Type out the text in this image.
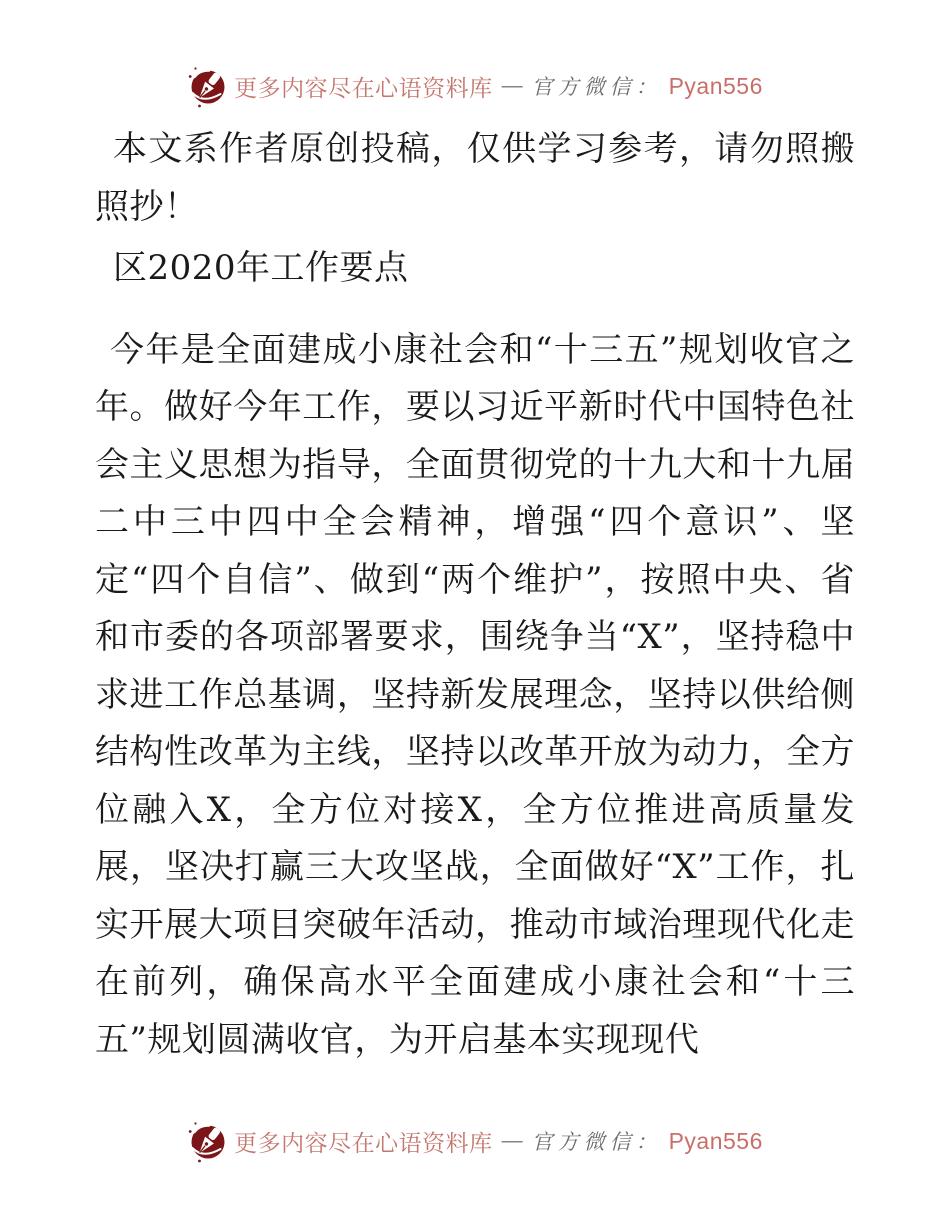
更多内容尽在心语资料库 — 官方微信： Pyan556

本文系作者原创投稿，仅供学习参考，请勿照搬照抄！

区2020年工作要点

今年是全面建成小康社会和“十三五”规划收官之年。做好今年工作，要以习近平新时代中国特色社会主义思想为指导，全面贯彻党的十九大和十九届二中三中四中全会精神，增强“四个意识”、坚定“四个自信”、做到“两个维护”，按照中央、省和市委的各项部署要求，围绕争当“X”，坚持稳中求进工作总基调，坚持新发展理念，坚持以供给侧结构性改革为主线，坚持以改革开放为动力，全方位融入X，全方位对接X，全方位推进高质量发展，坚决打赢三大攻坚战，全面做好“X”工作，扎实开展大项目突破年活动，推动市域治理现代化走在前列，确保高水平全面建成小康社会和“十三五”规划圆满收官，为开启基本实现现代

更多内容尽在心语资料库 — 官方微信： Pyan556
